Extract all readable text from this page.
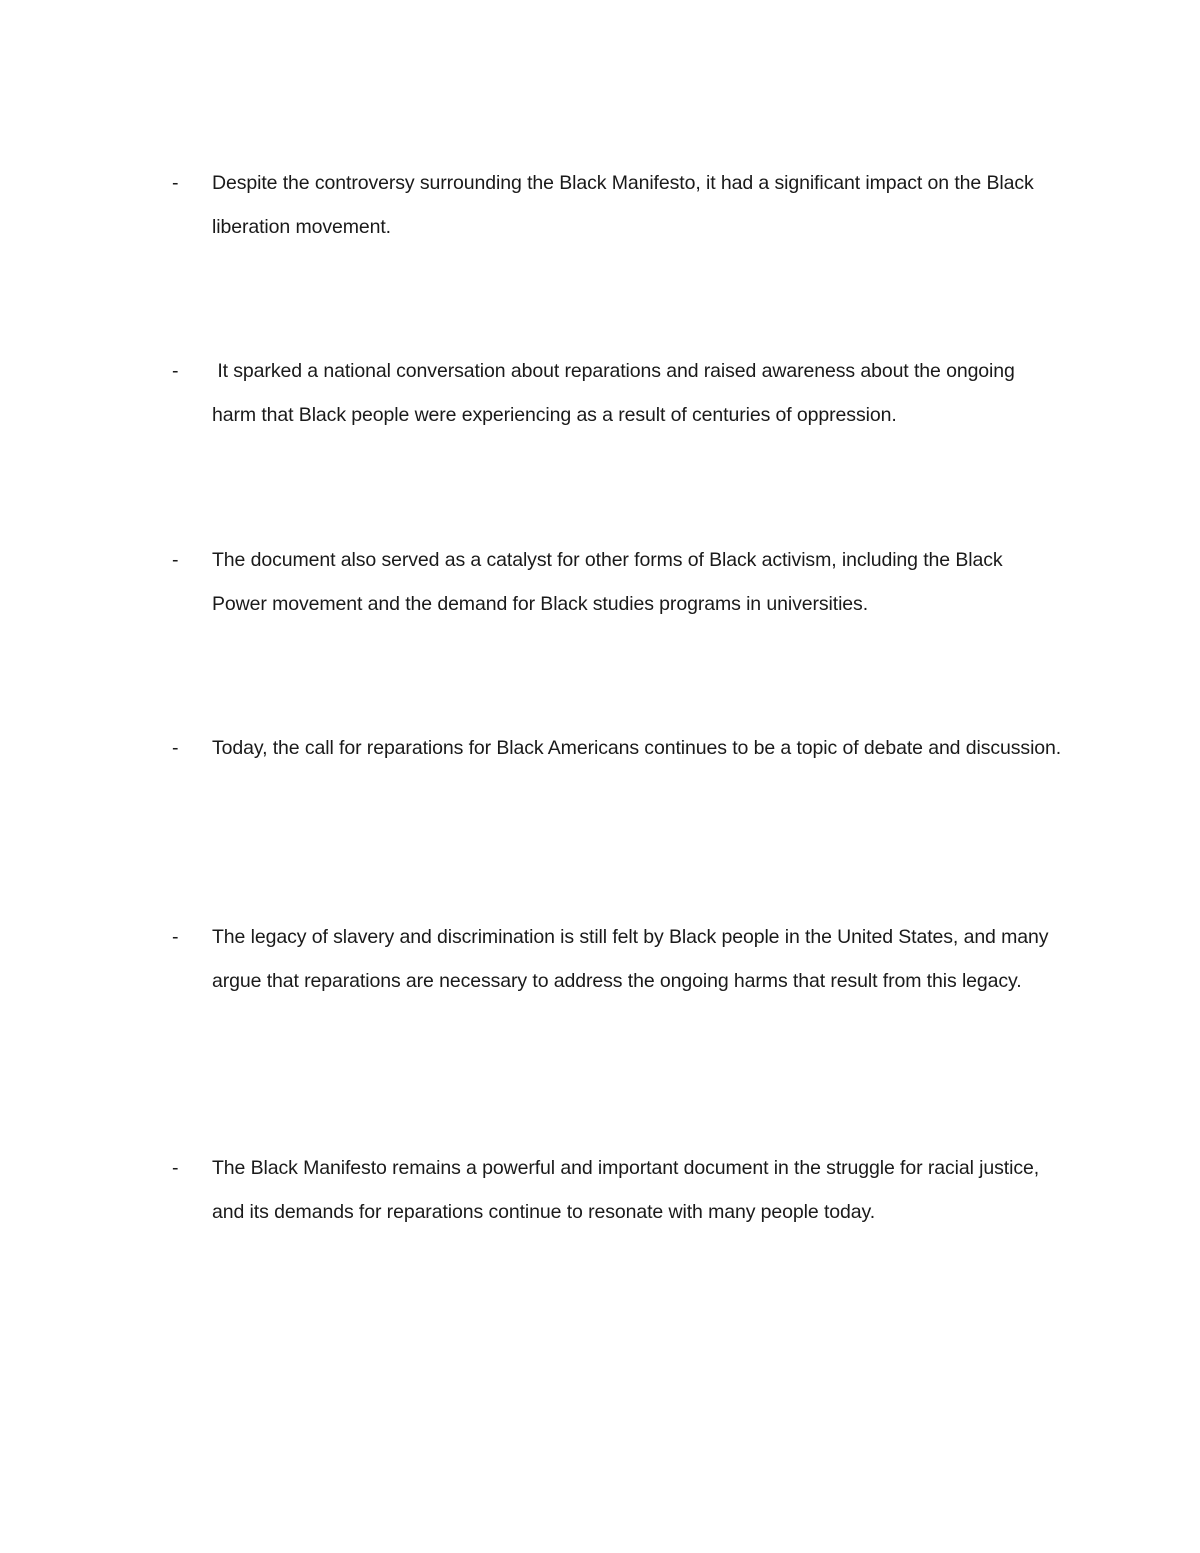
- Despite the controversy surrounding the Black Manifesto, it had a significant impact on the Black liberation movement.
- It sparked a national conversation about reparations and raised awareness about the ongoing harm that Black people were experiencing as a result of centuries of oppression.
- The document also served as a catalyst for other forms of Black activism, including the Black Power movement and the demand for Black studies programs in universities.
- Today, the call for reparations for Black Americans continues to be a topic of debate and discussion.
- The legacy of slavery and discrimination is still felt by Black people in the United States, and many argue that reparations are necessary to address the ongoing harms that result from this legacy.
- The Black Manifesto remains a powerful and important document in the struggle for racial justice, and its demands for reparations continue to resonate with many people today.
